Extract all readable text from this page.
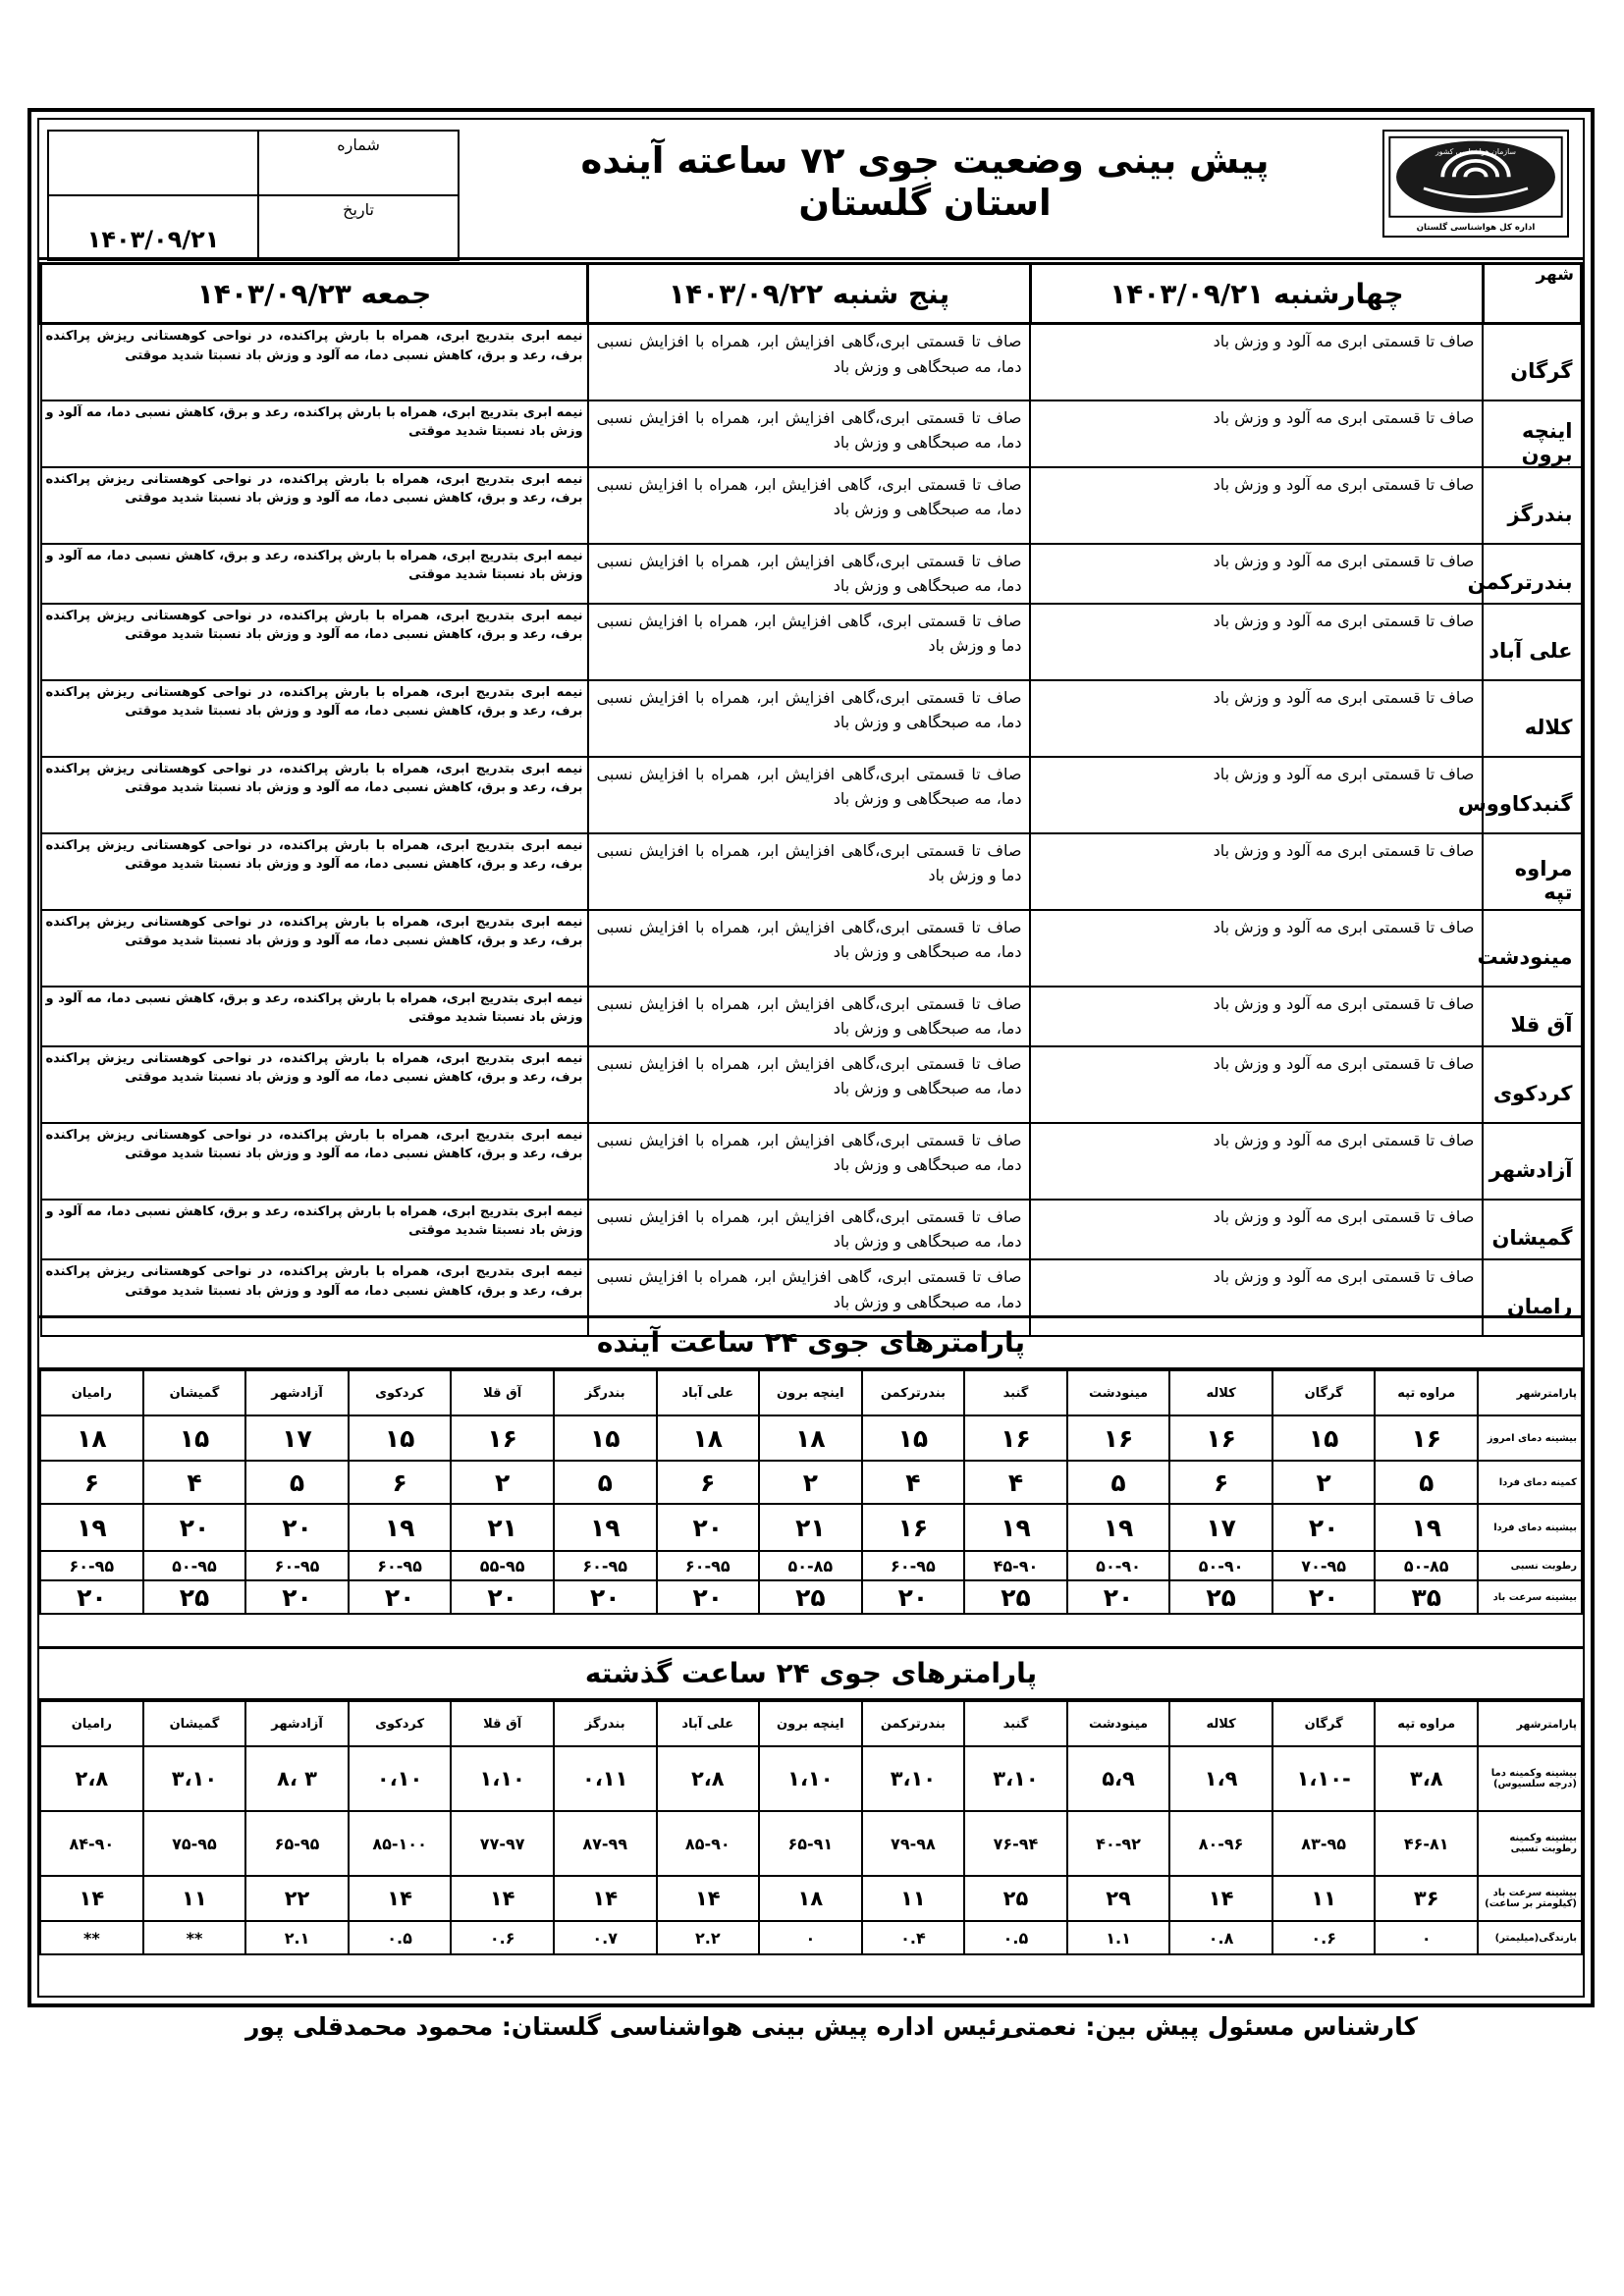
سازمان هواشناسی کشور
اداره کل هواشناسی گلستان
پیش بینی وضعیت جوی ۷۲ ساعته آینده استان گلستان
شماره	
تاریخ	۱۴۰۳/۰۹/۲۱
شهر	چهارشنبه ۱۴۰۳/۰۹/۲۱	پنج شنبه ۱۴۰۳/۰۹/۲۲	جمعه ۱۴۰۳/۰۹/۲۳
گرگان	صاف تا قسمتی ابری مه آلود و وزش باد	صاف تا قسمتی ابری،گاهی افزایش ابر، همراه با افزایش نسبی دما، مه صبحگاهی و وزش باد	نیمه ابری بتدریج ابری، همراه با بارش پراکنده، در نواحی کوهستانی ریزش پراکنده برف، رعد و برق، کاهش نسبی دما، مه آلود و وزش باد نسبتا شدید موقتی
اینچه برون	صاف تا قسمتی ابری مه آلود و وزش باد	صاف تا قسمتی ابری،گاهی افزایش ابر، همراه با افزایش نسبی دما، مه صبحگاهی و وزش باد	نیمه ابری بتدریج ابری، همراه با بارش پراکنده، رعد و برق، کاهش نسبی دما، مه آلود و وزش باد نسبتا شدید موقتی
بندرگز	صاف تا قسمتی ابری مه آلود و وزش باد	صاف تا قسمتی ابری، گاهی افزایش ابر، همراه با افزایش نسبی دما، مه صبحگاهی و وزش باد	نیمه ابری بتدریج ابری، همراه با بارش پراکنده، در نواحی کوهستانی ریزش پراکنده برف، رعد و برق، کاهش نسبی دما، مه آلود و وزش باد نسبتا شدید موقتی
بندرترکمن	صاف تا قسمتی ابری مه آلود و وزش باد	صاف تا قسمتی ابری،گاهی افزایش ابر، همراه با افزایش نسبی دما، مه صبحگاهی و وزش باد	نیمه ابری بتدریج ابری، همراه با بارش پراکنده، رعد و برق، کاهش نسبی دما، مه آلود و وزش باد نسبتا شدید موقتی
علی آباد	صاف تا قسمتی ابری مه آلود و وزش باد	صاف تا قسمتی ابری، گاهی افزایش ابر، همراه با افزایش نسبی دما و وزش باد	نیمه ابری بتدریج ابری، همراه با بارش پراکنده، در نواحی کوهستانی ریزش پراکنده برف، رعد و برق، کاهش نسبی دما، مه آلود و وزش باد نسبتا شدید موقتی
کلاله	صاف تا قسمتی ابری مه آلود و وزش باد	صاف تا قسمتی ابری،گاهی افزایش ابر، همراه با افزایش نسبی دما، مه صبحگاهی و وزش باد	نیمه ابری بتدریج ابری، همراه با بارش پراکنده، در نواحی کوهستانی ریزش پراکنده برف، رعد و برق، کاهش نسبی دما، مه آلود و وزش باد نسبتا شدید موقتی
گنبدکاووس	صاف تا قسمتی ابری مه آلود و وزش باد	صاف تا قسمتی ابری،گاهی افزایش ابر، همراه با افزایش نسبی دما، مه صبحگاهی و وزش باد	نیمه ابری بتدریج ابری، همراه با بارش پراکنده، در نواحی کوهستانی ریزش پراکنده برف، رعد و برق، کاهش نسبی دما، مه آلود و وزش باد نسبتا شدید موقتی
مراوه تپه	صاف تا قسمتی ابری مه آلود و وزش باد	صاف تا قسمتی ابری،گاهی افزایش ابر، همراه با افزایش نسبی دما و وزش باد	نیمه ابری بتدریج ابری، همراه با بارش پراکنده، در نواحی کوهستانی ریزش پراکنده برف، رعد و برق، کاهش نسبی دما، مه آلود و وزش باد نسبتا شدید موقتی
مینودشت	صاف تا قسمتی ابری مه آلود و وزش باد	صاف تا قسمتی ابری،گاهی افزایش ابر، همراه با افزایش نسبی دما، مه صبحگاهی و وزش باد	نیمه ابری بتدریج ابری، همراه با بارش پراکنده، در نواحی کوهستانی ریزش پراکنده برف، رعد و برق، کاهش نسبی دما، مه آلود و وزش باد نسبتا شدید موقتی
آق قلا	صاف تا قسمتی ابری مه آلود و وزش باد	صاف تا قسمتی ابری،گاهی افزایش ابر، همراه با افزایش نسبی دما، مه صبحگاهی و وزش باد	نیمه ابری بتدریج ابری، همراه با بارش پراکنده، رعد و برق، کاهش نسبی دما، مه آلود و وزش باد نسبتا شدید موقتی
کردکوی	صاف تا قسمتی ابری مه آلود و وزش باد	صاف تا قسمتی ابری،گاهی افزایش ابر، همراه با افزایش نسبی دما، مه صبحگاهی و وزش باد	نیمه ابری بتدریج ابری، همراه با بارش پراکنده، در نواحی کوهستانی ریزش پراکنده برف، رعد و برق، کاهش نسبی دما، مه آلود و وزش باد نسبتا شدید موقتی
آزادشهر	صاف تا قسمتی ابری مه آلود و وزش باد	صاف تا قسمتی ابری،گاهی افزایش ابر، همراه با افزایش نسبی دما، مه صبحگاهی و وزش باد	نیمه ابری بتدریج ابری، همراه با بارش پراکنده، در نواحی کوهستانی ریزش پراکنده برف، رعد و برق، کاهش نسبی دما، مه آلود و وزش باد نسبتا شدید موقتی
گمیشان	صاف تا قسمتی ابری مه آلود و وزش باد	صاف تا قسمتی ابری،گاهی افزایش ابر، همراه با افزایش نسبی دما، مه صبحگاهی و وزش باد	نیمه ابری بتدریج ابری، همراه با بارش پراکنده، رعد و برق، کاهش نسبی دما، مه آلود و وزش باد نسبتا شدید موقتی
رامیان	صاف تا قسمتی ابری مه آلود و وزش باد	صاف تا قسمتی ابری، گاهی افزایش ابر، همراه با افزایش نسبی دما، مه صبحگاهی و وزش باد	نیمه ابری بتدریج ابری، همراه با بارش پراکنده، در نواحی کوهستانی ریزش پراکنده برف، رعد و برق، کاهش نسبی دما، مه آلود و وزش باد نسبتا شدید موقتی
پارامترهای جوی ۲۴ ساعت آینده
پارامترشهر	مراوه تپه	گرگان	کلاله	مینودشت	گنبد	بندرترکمن	اینچه برون	علی آباد	بندرگز	آق قلا	کردکوی	آزادشهر	گمیشان	رامیان
بیشینه دمای امروز	۱۶	۱۵	۱۶	۱۶	۱۶	۱۵	۱۸	۱۸	۱۵	۱۶	۱۵	۱۷	۱۵	۱۸
کمینه دمای فردا	۵	۲	۶	۵	۴	۴	۲	۶	۵	۲	۶	۵	۴	۶
بیشینه دمای فردا	۱۹	۲۰	۱۷	۱۹	۱۹	۱۶	۲۱	۲۰	۱۹	۲۱	۱۹	۲۰	۲۰	۱۹
رطوبت نسبی	۵۰-۸۵	۷۰-۹۵	۵۰-۹۰	۵۰-۹۰	۴۵-۹۰	۶۰-۹۵	۵۰-۸۵	۶۰-۹۵	۶۰-۹۵	۵۵-۹۵	۶۰-۹۵	۶۰-۹۵	۵۰-۹۵	۶۰-۹۵
بیشینه سرعت باد	۳۵	۲۰	۲۵	۲۰	۲۵	۲۰	۲۵	۲۰	۲۰	۲۰	۲۰	۲۰	۲۵	۲۰
پارامترهای جوی ۲۴ ساعت گذشته
پارامترشهر	مراوه تپه	گرگان	کلاله	مینودشت	گنبد	بندرترکمن	اینچه برون	علی آباد	بندرگز	آق قلا	کردکوی	آزادشهر	گمیشان	رامیان
بیشینه وکمینه دما (درجه سلسیوس)	۳،۸	-۱،۱۰	۱،۹	۵،۹	۳،۱۰	۳،۱۰	۱،۱۰	۲،۸	۰،۱۱	۱،۱۰	۰،۱۰	۳ ،۸	۳،۱۰	۲،۸
بیشینه وکمینه رطوبت نسبی	۴۶-۸۱	۸۳-۹۵	۸۰-۹۶	۴۰-۹۲	۷۶-۹۴	۷۹-۹۸	۶۵-۹۱	۸۵-۹۰	۸۷-۹۹	۷۷-۹۷	۸۵-۱۰۰	۶۵-۹۵	۷۵-۹۵	۸۴-۹۰
بیشینه سرعت باد (کیلومتر بر ساعت)	۳۶	۱۱	۱۴	۲۹	۲۵	۱۱	۱۸	۱۴	۱۴	۱۴	۱۴	۲۲	۱۱	۱۴
بارندگی(میلیمتر)	۰	۰.۶	۰.۸	۱.۱	۰.۵	۰.۴	۰	۲.۲	۰.۷	۰.۶	۰.۵	۲.۱	**	**
کارشناس مسئول پیش بین: نعمتی
رئیس اداره پیش بینی هواشناسی گلستان: محمود محمدقلی پور
